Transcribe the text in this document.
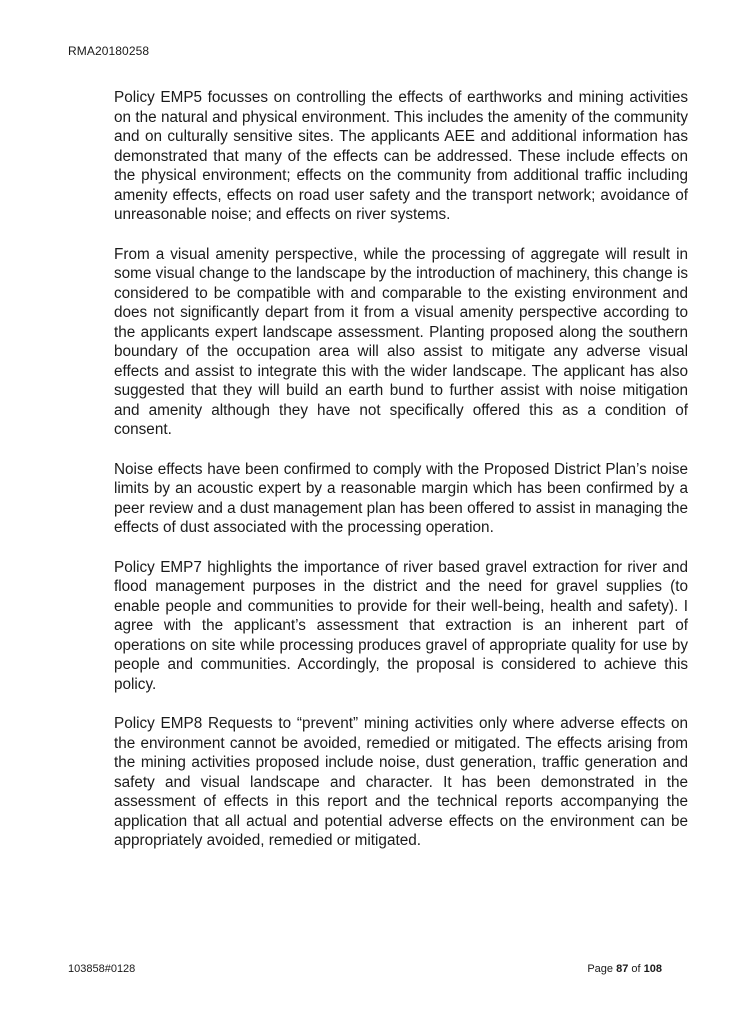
RMA20180258

Policy EMP5 focusses on controlling the effects of earthworks and mining activities on the natural and physical environment. This includes the amenity of the community and on culturally sensitive sites. The applicants AEE and additional information has demonstrated that many of the effects can be addressed. These include effects on the physical environment; effects on the community from additional traffic including amenity effects, effects on road user safety and the transport network; avoidance of unreasonable noise; and effects on river systems.

From a visual amenity perspective, while the processing of aggregate will result in some visual change to the landscape by the introduction of machinery, this change is considered to be compatible with and comparable to the existing environment and does not significantly depart from it from a visual amenity perspective according to the applicants expert landscape assessment. Planting proposed along the southern boundary of the occupation area will also assist to mitigate any adverse visual effects and assist to integrate this with the wider landscape. The applicant has also suggested that they will build an earth bund to further assist with noise mitigation and amenity although they have not specifically offered this as a condition of consent.

Noise effects have been confirmed to comply with the Proposed District Plan’s noise limits by an acoustic expert by a reasonable margin which has been confirmed by a peer review and a dust management plan has been offered to assist in managing the effects of dust associated with the processing operation.

Policy EMP7 highlights the importance of river based gravel extraction for river and flood management purposes in the district and the need for gravel supplies (to enable people and communities to provide for their well-being, health and safety). I agree with the applicant’s assessment that extraction is an inherent part of operations on site while processing produces gravel of appropriate quality for use by people and communities. Accordingly, the proposal is considered to achieve this policy.

Policy EMP8 Requests to “prevent” mining activities only where adverse effects on the environment cannot be avoided, remedied or mitigated. The effects arising from the mining activities proposed include noise, dust generation, traffic generation and safety and visual landscape and character. It has been demonstrated in the assessment of effects in this report and the technical reports accompanying the application that all actual and potential adverse effects on the environment can be appropriately avoided, remedied or mitigated.

103858#0128	Page 87 of 108
